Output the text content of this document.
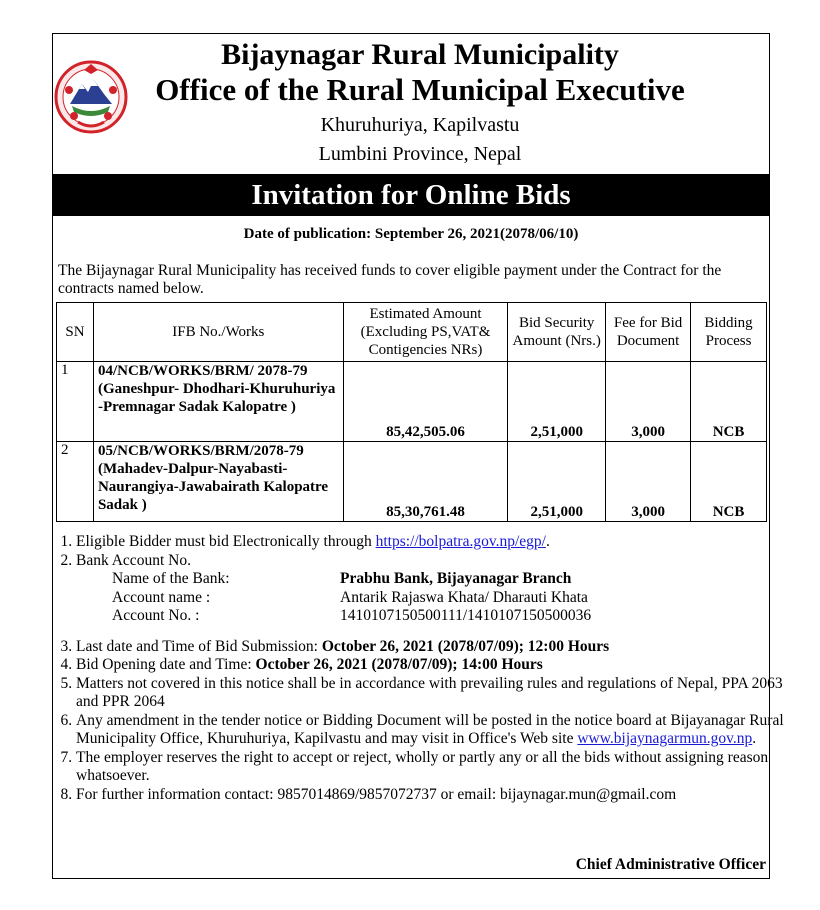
Bijaynagar Rural Municipality
Office of the Rural Municipal Executive
Khuruhuriya, Kapilvastu
Lumbini Province, Nepal
Invitation for Online Bids
Date of publication: September 26, 2021(2078/06/10)
The Bijaynagar Rural Municipality has received funds to cover eligible payment under the Contract for the contracts named below.
SN	IFB No./Works	Estimated Amount (Excluding PS,VAT& Contigencies NRs)	Bid Security Amount (Nrs.)	Fee for Bid Document	Bidding Process
1	04/NCB/WORKS/BRM/ 2078-79 (Ganeshpur- Dhodhari-Khuruhuriya -Premnagar Sadak Kalopatre )	85,42,505.06	2,51,000	3,000	NCB
2	05/NCB/WORKS/BRM/2078-79 (Mahadev-Dalpur-Nayabasti- Naurangiya-Jawabairath Kalopatre Sadak )	85,30,761.48	2,51,000	3,000	NCB
1. Eligible Bidder must bid Electronically through https://bolpatra.gov.np/egp/.
2. Bank Account No.
Name of the Bank:	Prabhu Bank, Bijayanagar Branch
Account name :	Antarik Rajaswa Khata/ Dharauti Khata
Account No. :	1410107150500111/1410107150500036
3. Last date and Time of Bid Submission: October 26, 2021 (2078/07/09); 12:00 Hours
4. Bid Opening date and Time: October 26, 2021 (2078/07/09); 14:00 Hours
5. Matters not covered in this notice shall be in accordance with prevailing rules and regulations of Nepal, PPA 2063 and PPR 2064
6. Any amendment in the tender notice or Bidding Document will be posted in the notice board at Bijayanagar Rural Municipality Office, Khuruhuriya, Kapilvastu and may visit in Office's Web site www.bijaynagarmun.gov.np.
7. The employer reserves the right to accept or reject, wholly or partly any or all the bids without assigning reason whatsoever.
8. For further information contact: 9857014869/9857072737 or email: bijaynagar.mun@gmail.com
Chief Administrative Officer
